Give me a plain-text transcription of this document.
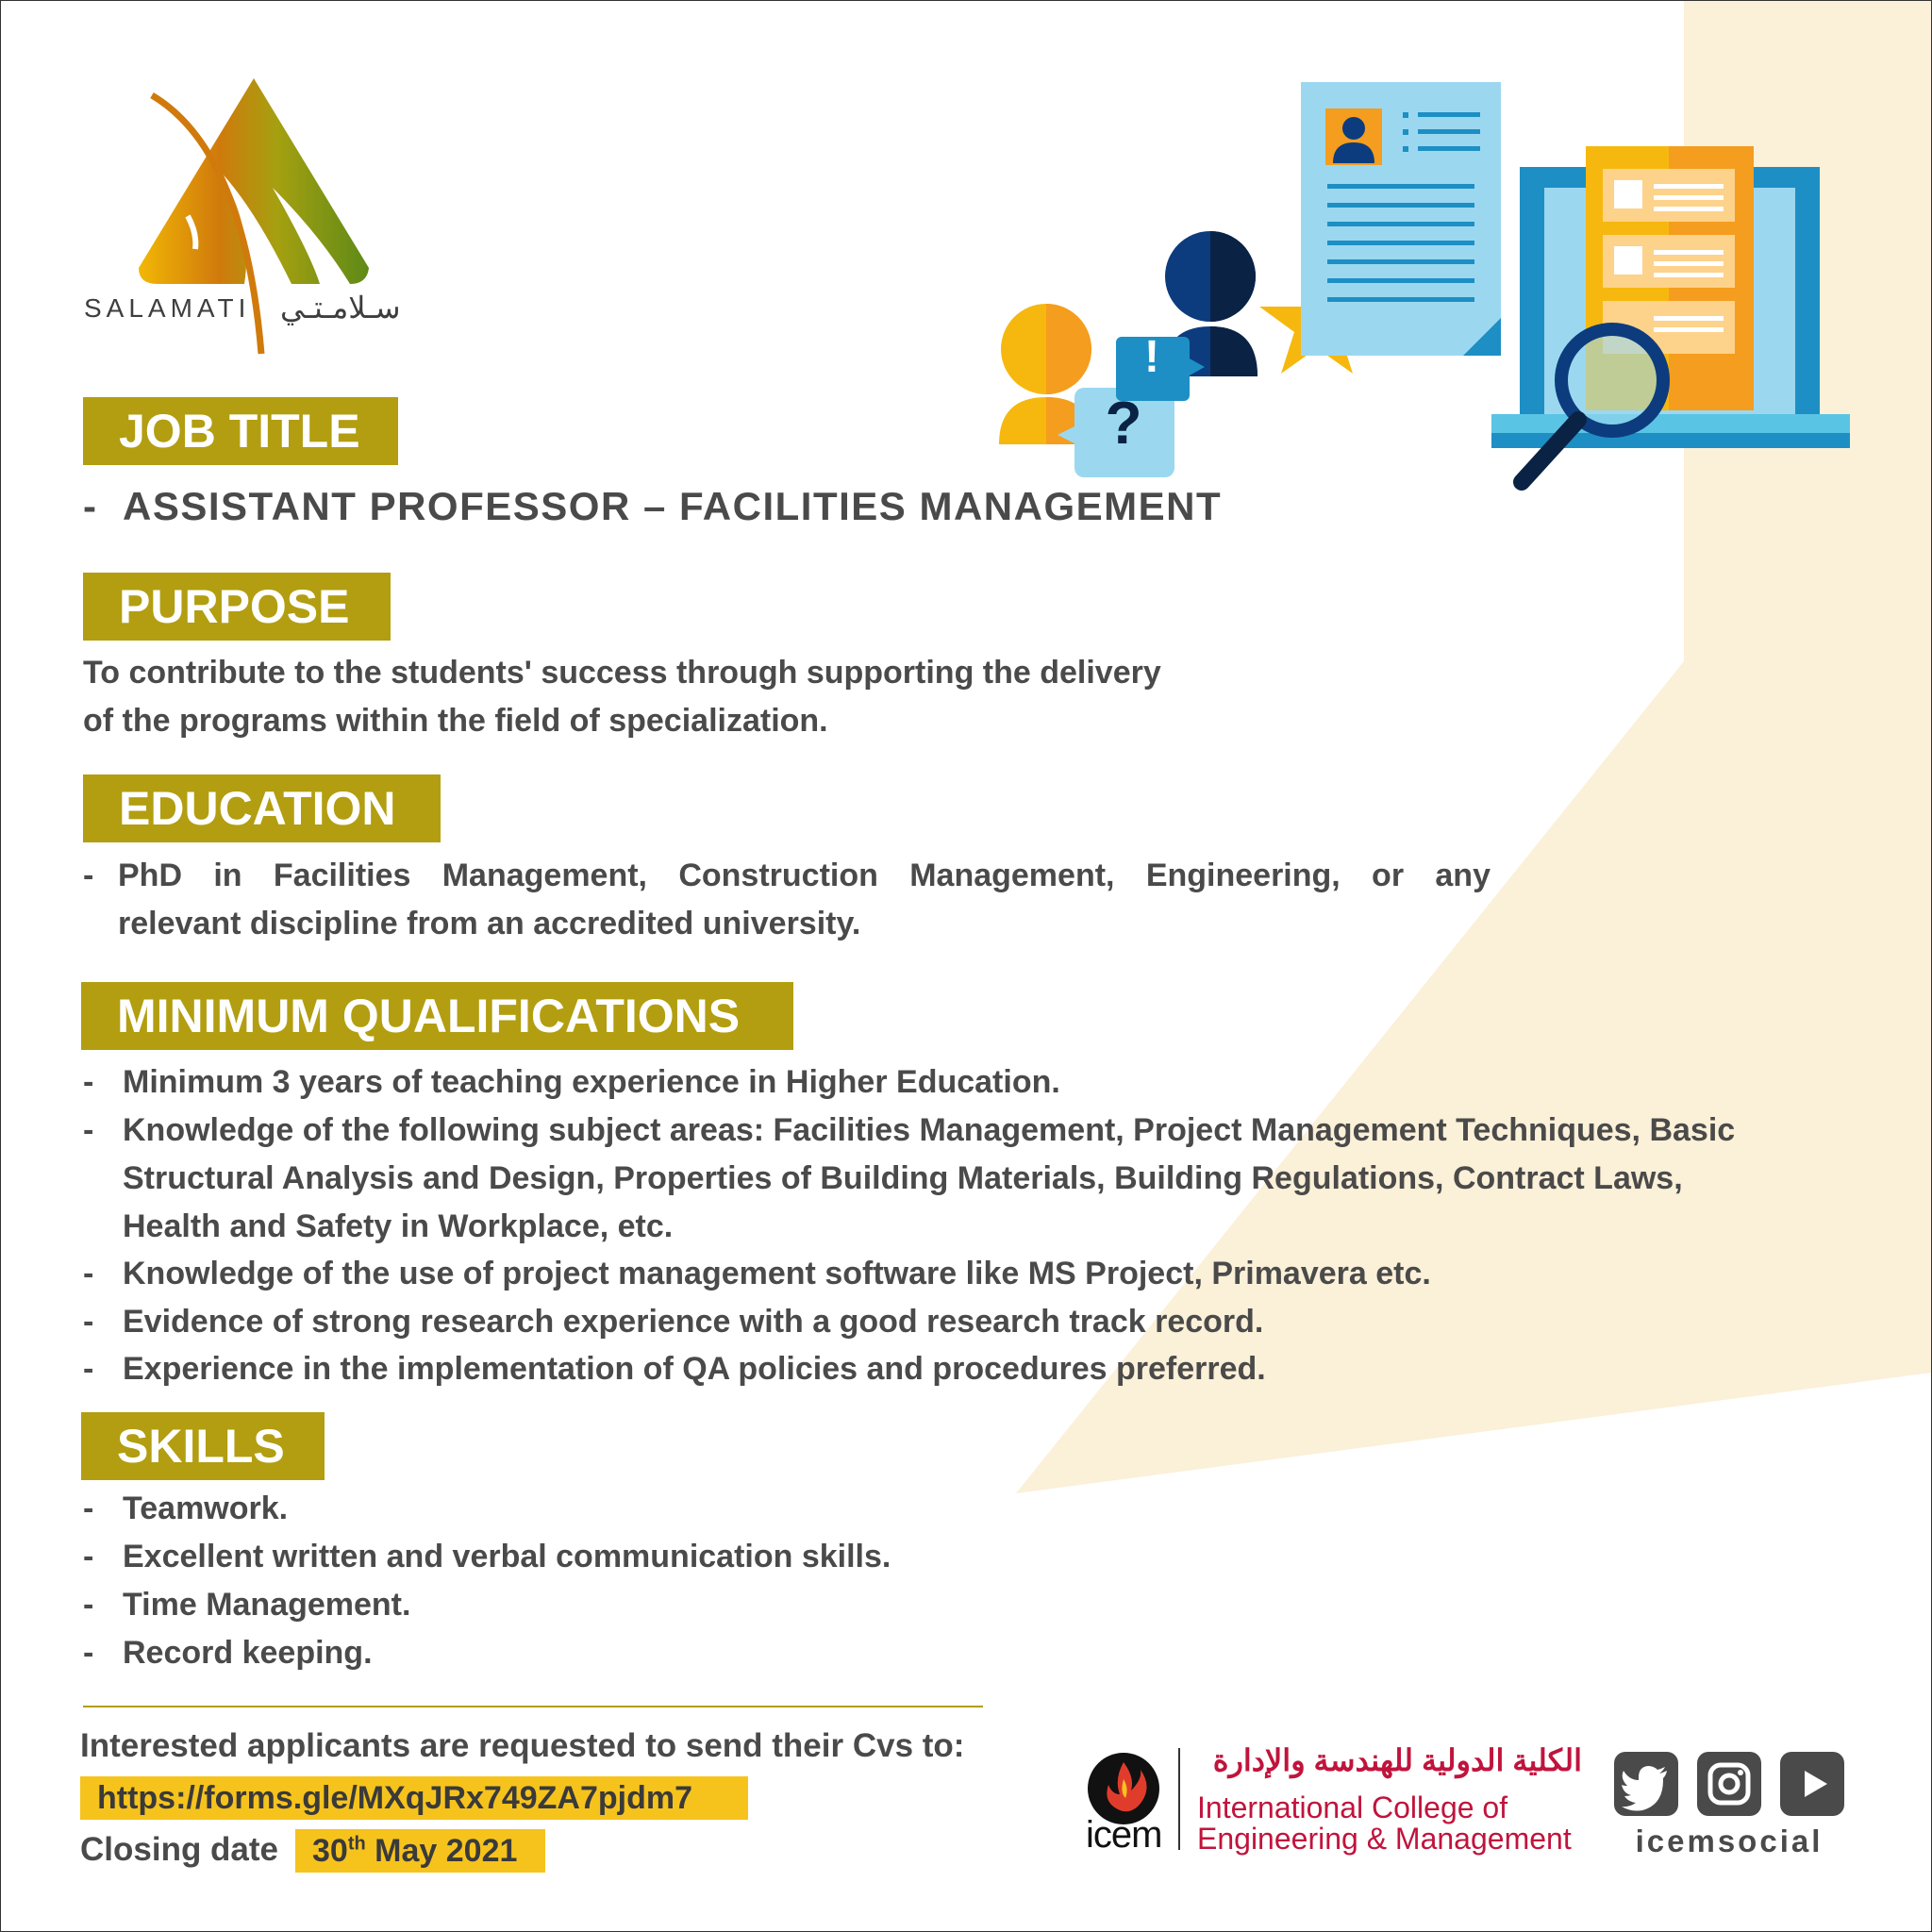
SALAMATI سـلامـتـي
?
!
JOB TITLE
- ASSISTANT PROFESSOR – FACILITIES MANAGEMENT
PURPOSE
To contribute to the students' success through supporting the delivery
of the programs within the field of specialization.
EDUCATION
- PhD in Facilities Management, Construction Management, Engineering, or any
relevant discipline from an accredited university.
MINIMUM QUALIFICATIONS
- Minimum 3 years of teaching experience in Higher Education.
- Knowledge of the following subject areas: Facilities Management, Project Management Techniques, Basic
Structural Analysis and Design, Properties of Building Materials, Building Regulations, Contract Laws,
Health and Safety in Workplace, etc.
- Knowledge of the use of project management software like MS Project, Primavera etc.
- Evidence of strong research experience with a good research track record.
- Experience in the implementation of QA policies and procedures preferred.
SKILLS
- Teamwork.
- Excellent written and verbal communication skills.
- Time Management.
- Record keeping.
Interested applicants are requested to send their Cvs to:
https://forms.gle/MXqJRx749ZA7pjdm7
Closing date	30th May 2021	icem
الكلية الدولية للهندسة والإدارة
International College of
Engineering & Management	icemsocial
